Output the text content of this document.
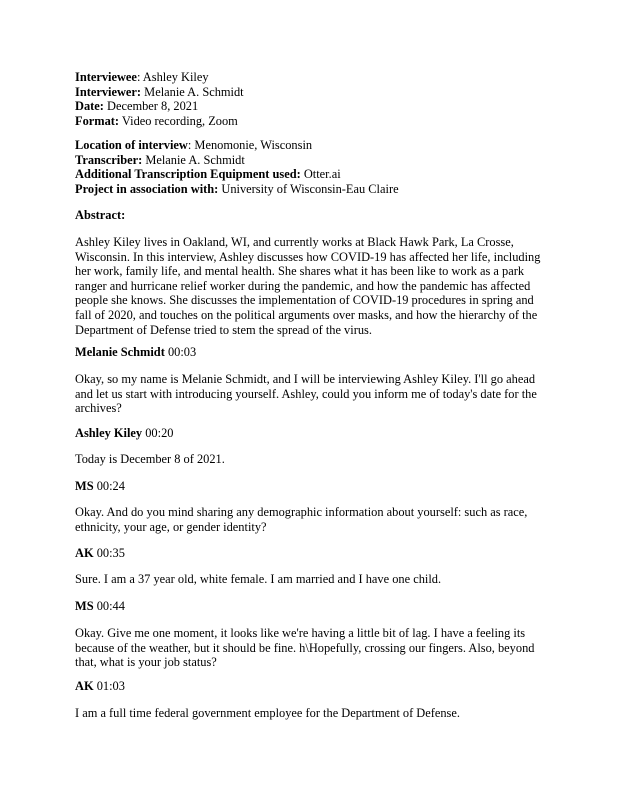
Interviewee: Ashley Kiley
Interviewer: Melanie A. Schmidt
Date: December 8, 2021
Format: Video recording, Zoom
Location of interview: Menomonie, Wisconsin
Transcriber: Melanie A. Schmidt
Additional Transcription Equipment used: Otter.ai
Project in association with: University of Wisconsin-Eau Claire
Abstract:

Ashley Kiley lives in Oakland, WI, and currently works at Black Hawk Park, La Crosse, Wisconsin. In this interview, Ashley discusses how COVID-19 has affected her life, including her work, family life, and mental health. She shares what it has been like to work as a park ranger and hurricane relief worker during the pandemic, and how the pandemic has affected people she knows. She discusses the implementation of COVID-19 procedures in spring and fall of 2020, and touches on the political arguments over masks, and how the hierarchy of the Department of Defense tried to stem the spread of the virus.

Melanie Schmidt 00:03

Okay, so my name is Melanie Schmidt, and I will be interviewing Ashley Kiley. I'll go ahead and let us start with introducing yourself. Ashley, could you inform me of today's date for the archives?

Ashley Kiley 00:20

Today is December 8 of 2021.

MS 00:24

Okay. And do you mind sharing any demographic information about yourself: such as race, ethnicity, your age, or gender identity?

AK 00:35

Sure. I am a 37 year old, white female. I am married and I have one child.

MS 00:44

Okay. Give me one moment, it looks like we're having a little bit of lag. I have a feeling its because of the weather, but it should be fine. h\Hopefully, crossing our fingers. Also, beyond that, what is your job status?

AK 01:03

I am a full time federal government employee for the Department of Defense.
